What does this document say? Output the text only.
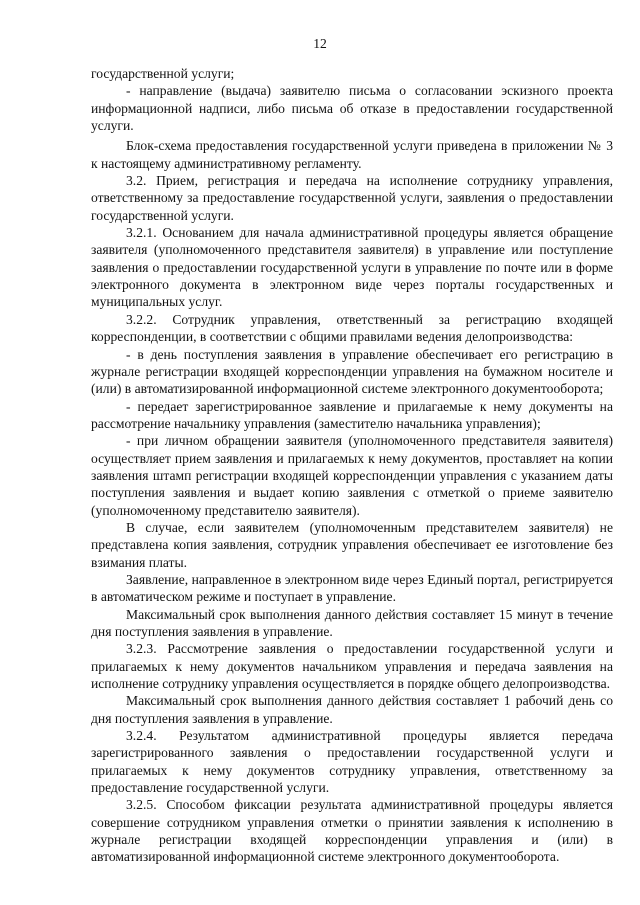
12

государственной услуги;

- направление (выдача) заявителю письма о согласовании эскизного проекта информационной надписи, либо письма об отказе в предоставлении государственной услуги.

Блок-схема предоставления государственной услуги приведена в приложении № 3 к настоящему административному регламенту.

3.2. Прием, регистрация и передача на исполнение сотруднику управления, ответственному за предоставление государственной услуги, заявления о предоставлении государственной услуги.

3.2.1. Основанием для начала административной процедуры является обращение заявителя (уполномоченного представителя заявителя) в управление или поступление заявления о предоставлении государственной услуги в управление по почте или в форме электронного документа в электронном виде через порталы государственных и муниципальных услуг.

3.2.2. Сотрудник управления, ответственный за регистрацию входящей корреспонденции, в соответствии с общими правилами ведения делопроизводства:

- в день поступления заявления в управление обеспечивает его регистрацию в журнале регистрации входящей корреспонденции управления на бумажном носителе и (или) в автоматизированной информационной системе электронного документооборота;

- передает зарегистрированное заявление и прилагаемые к нему документы на рассмотрение начальнику управления (заместителю начальника управления);

- при личном обращении заявителя (уполномоченного представителя заявителя) осуществляет прием заявления и прилагаемых к нему документов, проставляет на копии заявления штамп регистрации входящей корреспонденции управления с указанием даты поступления заявления и выдает копию заявления с отметкой о приеме заявителю (уполномоченному представителю заявителя).

В случае, если заявителем (уполномоченным представителем заявителя) не представлена копия заявления, сотрудник управления обеспечивает ее изготовление без взимания платы.

Заявление, направленное в электронном виде через Единый портал, регистрируется в автоматическом режиме и поступает в управление.

Максимальный срок выполнения данного действия составляет 15 минут в течение дня поступления заявления в управление.

3.2.3. Рассмотрение заявления о предоставлении государственной услуги и прилагаемых к нему документов начальником управления и передача заявления на исполнение сотруднику управления осуществляется в порядке общего делопроизводства.

Максимальный срок выполнения данного действия составляет 1 рабочий день со дня поступления заявления в управление.

3.2.4. Результатом административной процедуры является передача зарегистрированного заявления о предоставлении государственной услуги и прилагаемых к нему документов сотруднику управления, ответственному за предоставление государственной услуги.

3.2.5. Способом фиксации результата административной процедуры является совершение сотрудником управления отметки о принятии заявления к исполнению в журнале регистрации входящей корреспонденции управления и (или) в автоматизированной информационной системе электронного документооборота.
